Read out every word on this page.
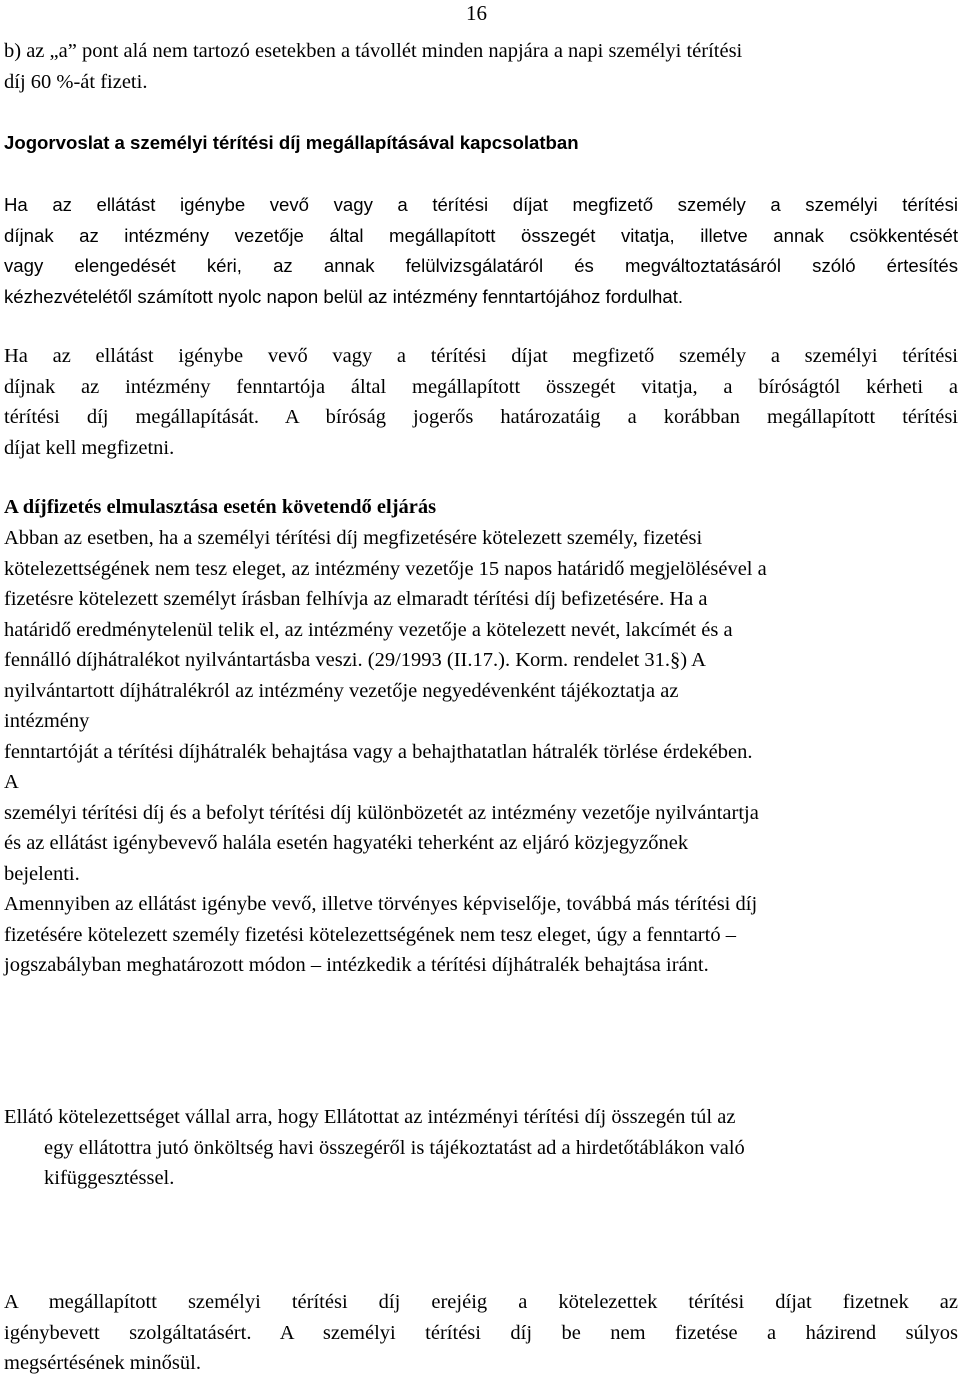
16
b) az „a” pont alá nem tartozó esetekben a távollét minden napjára a napi személyi térítési
díj 60 %-át fizeti.
Jogorvoslat a személyi térítési díj megállapításával kapcsolatban
Ha az ellátást igénybe vevő vagy a térítési díjat megfizető személy a személyi térítési
díjnak az intézmény vezetője által megállapított összegét vitatja, illetve annak csökkentését
vagy elengedését kéri, az annak felülvizsgálatáról és megváltoztatásáról szóló értesítés
kézhezvételétől számított nyolc napon belül az intézmény fenntartójához fordulhat.
Ha az ellátást igénybe vevő vagy a térítési díjat megfizető személy a személyi térítési
díjnak az intézmény fenntartója által megállapított összegét vitatja, a bíróságtól kérheti a
térítési díj megállapítását. A bíróság jogerős határozatáig a korábban megállapított térítési
díjat kell megfizetni.
A díjfizetés elmulasztása esetén követendő eljárás
Abban az esetben, ha a személyi térítési díj megfizetésére kötelezett személy, fizetési
kötelezettségének nem tesz eleget, az intézmény vezetője 15 napos határidő megjelölésével a
fizetésre kötelezett személyt írásban felhívja az elmaradt térítési díj befizetésére. Ha a
határidő eredménytelenül telik el, az intézmény vezetője a kötelezett nevét, lakcímét és a
fennálló díjhátralékot nyilvántartásba veszi. (29/1993 (II.17.). Korm. rendelet 31.§) A
nyilvántartott díjhátralékról az intézmény vezetője negyedévenként tájékoztatja az
intézmény
fenntartóját a térítési díjhátralék behajtása vagy a behajthatatlan hátralék törlése érdekében.
A
személyi térítési díj és a befolyt térítési díj különbözetét az intézmény vezetője nyilvántartja
és az ellátást igénybevevő halála esetén hagyatéki teherként az eljáró közjegyzőnek
bejelenti.
Amennyiben az ellátást igénybe vevő, illetve törvényes képviselője, továbbá más térítési díj
fizetésére kötelezett személy fizetési kötelezettségének nem tesz eleget, úgy a fenntartó –
jogszabályban meghatározott módon – intézkedik a térítési díjhátralék behajtása iránt.
Ellátó kötelezettséget vállal arra, hogy Ellátottat az intézményi térítési díj összegén túl az
egy ellátottra jutó önköltség havi összegéről is tájékoztatást ad a hirdetőtáblákon való
kifüggesztéssel.
A megállapított személyi térítési díj erejéig a kötelezettek térítési díjat fizetnek az
igénybevett szolgáltatásért. A személyi térítési díj be nem fizetése a házirend súlyos
megsértésének minősül.
